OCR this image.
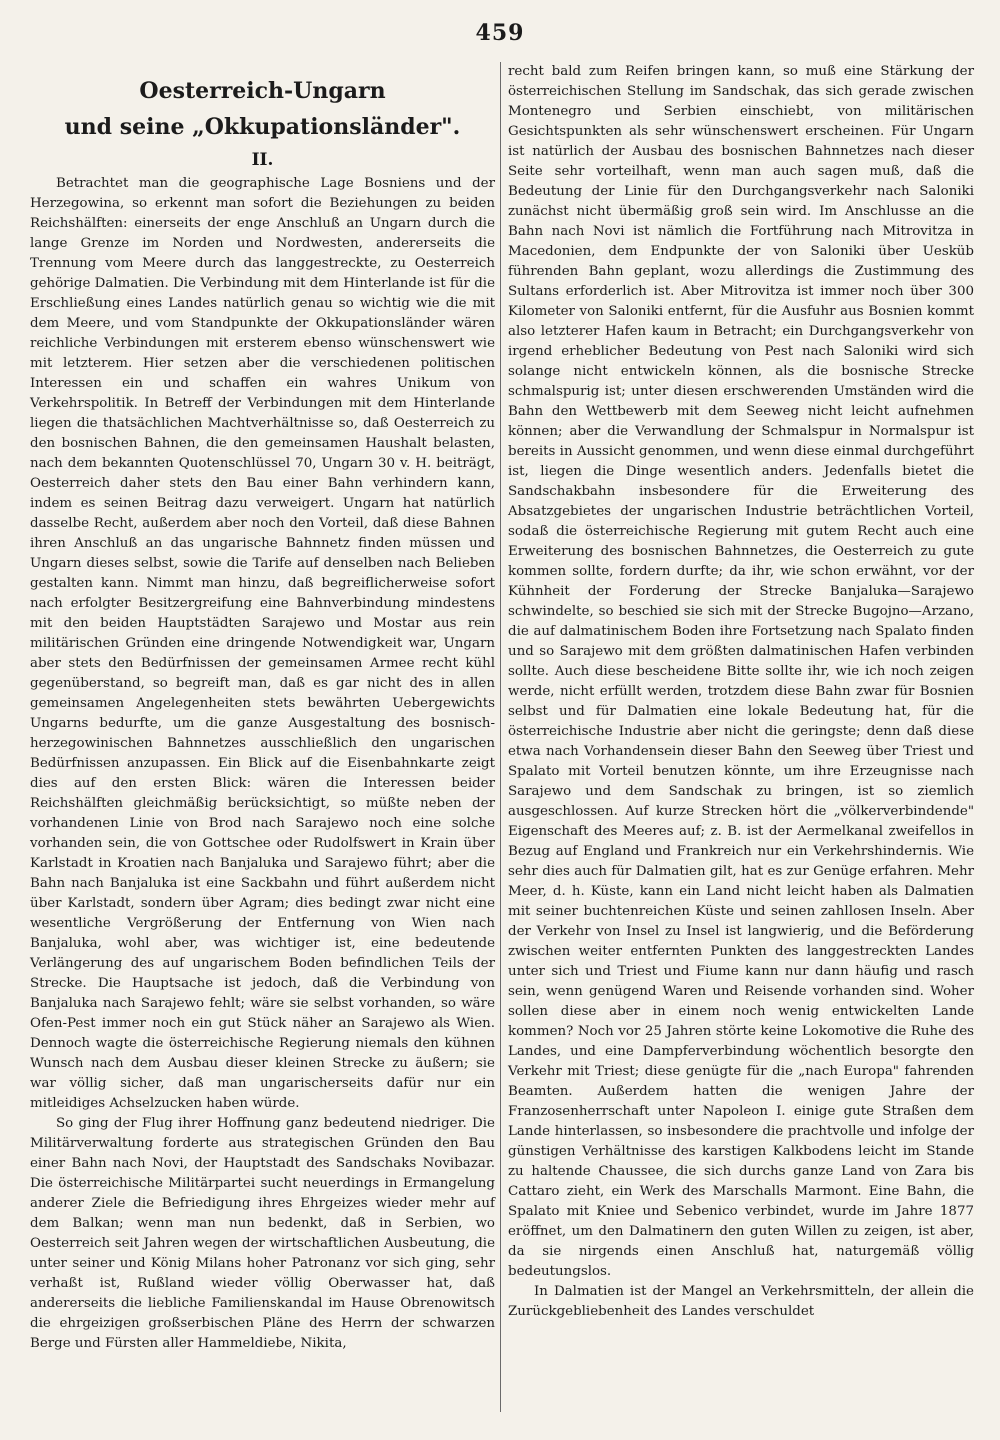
459
Oesterreich-Ungarn
und seine „Okkupationsländer".
II.

Betrachtet man die geographische Lage Bosniens und der Herzegowina, so erkennt man sofort die Beziehungen zu beiden Reichshälften: einerseits der enge Anschluß an Ungarn durch die lange Grenze im Norden und Nordwesten, andererseits die Trennung vom Meere durch das langgestreckte, zu Oesterreich gehörige Dalmatien. Die Verbindung mit dem Hinterlande ist für die Erschließung eines Landes natürlich genau so wichtig wie die mit dem Meere, und vom Standpunkte der Okkupationsländer wären reichliche Verbindungen mit ersterem ebenso wünschenswert wie mit letzterem. Hier setzen aber die verschiedenen politischen Interessen ein und schaffen ein wahres Unikum von Verkehrspolitik. In Betreff der Verbindungen mit dem Hinterlande liegen die thatsächlichen Machtverhältnisse so, daß Oesterreich zu den bosnischen Bahnen, die den gemeinsamen Haushalt belasten, nach dem bekannten Quotenschlüssel 70, Ungarn 30 v. H. beiträgt, Oesterreich daher stets den Bau einer Bahn verhindern kann, indem es seinen Beitrag dazu verweigert. Ungarn hat natürlich dasselbe Recht, außerdem aber noch den Vorteil, daß diese Bahnen ihren Anschluß an das ungarische Bahnnetz finden müssen und Ungarn dieses selbst, sowie die Tarife auf denselben nach Belieben gestalten kann. Nimmt man hinzu, daß begreiflicherweise sofort nach erfolgter Besitzergreifung eine Bahnverbindung mindestens mit den beiden Hauptstädten Sarajewo und Mostar aus rein militärischen Gründen eine dringende Notwendigkeit war, Ungarn aber stets den Bedürfnissen der gemeinsamen Armee recht kühl gegenüberstand, so begreift man, daß es gar nicht des in allen gemeinsamen Angelegenheiten stets bewährten Uebergewichts Ungarns bedurfte, um die ganze Ausgestaltung des bosnisch-herzegowinischen Bahnnetzes ausschließlich den ungarischen Bedürfnissen anzupassen. Ein Blick auf die Eisenbahnkarte zeigt dies auf den ersten Blick: wären die Interessen beider Reichshälften gleichmäßig berücksichtigt, so müßte neben der vorhandenen Linie von Brod nach Sarajewo noch eine solche vorhanden sein, die von Gottschee oder Rudolfswert in Krain über Karlstadt in Kroatien nach Banjaluka und Sarajewo führt; aber die Bahn nach Banjaluka ist eine Sackbahn und führt außerdem nicht über Karlstadt, sondern über Agram; dies bedingt zwar nicht eine wesentliche Vergrößerung der Entfernung von Wien nach Banjaluka, wohl aber, was wichtiger ist, eine bedeutende Verlängerung des auf ungarischem Boden befindlichen Teils der Strecke. Die Hauptsache ist jedoch, daß die Verbindung von Banjaluka nach Sarajewo fehlt; wäre sie selbst vorhanden, so wäre Ofen-Pest immer noch ein gut Stück näher an Sarajewo als Wien. Dennoch wagte die österreichische Regierung niemals den kühnen Wunsch nach dem Ausbau dieser kleinen Strecke zu äußern; sie war völlig sicher, daß man ungarischerseits dafür nur ein mitleidiges Achselzucken haben würde.

So ging der Flug ihrer Hoffnung ganz bedeutend niedriger. Die Militärverwaltung forderte aus strategischen Gründen den Bau einer Bahn nach Novi, der Hauptstadt des Sandschaks Novibazar. Die österreichische Militärpartei sucht neuerdings in Ermangelung anderer Ziele die Befriedigung ihres Ehrgeizes wieder mehr auf dem Balkan; wenn man nun bedenkt, daß in Serbien, wo Oesterreich seit Jahren wegen der wirtschaftlichen Ausbeutung, die unter seiner und König Milans hoher Patronanz vor sich ging, sehr verhaßt ist, Rußland wieder völlig Oberwasser hat, daß andererseits die liebliche Familienskandal im Hause Obrenowitsch die ehrgeizigen großserbischen Pläne des Herrn der schwarzen Berge und Fürsten aller Hammeldiebe, Nikita,

recht bald zum Reifen bringen kann, so muß eine Stärkung der österreichischen Stellung im Sandschak, das sich gerade zwischen Montenegro und Serbien einschiebt, von militärischen Gesichtspunkten als sehr wünschenswert erscheinen. Für Ungarn ist natürlich der Ausbau des bosnischen Bahnnetzes nach dieser Seite sehr vorteilhaft, wenn man auch sagen muß, daß die Bedeutung der Linie für den Durchgangsverkehr nach Saloniki zunächst nicht übermäßig groß sein wird. Im Anschlusse an die Bahn nach Novi ist nämlich die Fortführung nach Mitrovitza in Macedonien, dem Endpunkte der von Saloniki über Uesküb führenden Bahn geplant, wozu allerdings die Zustimmung des Sultans erforderlich ist. Aber Mitrovitza ist immer noch über 300 Kilometer von Saloniki entfernt, für die Ausfuhr aus Bosnien kommt also letzterer Hafen kaum in Betracht; ein Durchgangsverkehr von irgend erheblicher Bedeutung von Pest nach Saloniki wird sich solange nicht entwickeln können, als die bosnische Strecke schmalspurig ist; unter diesen erschwerenden Umständen wird die Bahn den Wettbewerb mit dem Seeweg nicht leicht aufnehmen können; aber die Verwandlung der Schmalspur in Normalspur ist bereits in Aussicht genommen, und wenn diese einmal durchgeführt ist, liegen die Dinge wesentlich anders. Jedenfalls bietet die Sandschakbahn insbesondere für die Erweiterung des Absatzgebietes der ungarischen Industrie beträchtlichen Vorteil, sodaß die österreichische Regierung mit gutem Recht auch eine Erweiterung des bosnischen Bahnnetzes, die Oesterreich zu gute kommen sollte, fordern durfte; da ihr, wie schon erwähnt, vor der Kühnheit der Forderung der Strecke Banjaluka—Sarajewo schwindelte, so beschied sie sich mit der Strecke Bugojno—Arzano, die auf dalmatinischem Boden ihre Fortsetzung nach Spalato finden und so Sarajewo mit dem größten dalmatinischen Hafen verbinden sollte. Auch diese bescheidene Bitte sollte ihr, wie ich noch zeigen werde, nicht erfüllt werden, trotzdem diese Bahn zwar für Bosnien selbst und für Dalmatien eine lokale Bedeutung hat, für die österreichische Industrie aber nicht die geringste; denn daß diese etwa nach Vorhandensein dieser Bahn den Seeweg über Triest und Spalato mit Vorteil benutzen könnte, um ihre Erzeugnisse nach Sarajewo und dem Sandschak zu bringen, ist so ziemlich ausgeschlossen. Auf kurze Strecken hört die „völkerverbindende" Eigenschaft des Meeres auf; z. B. ist der Aermelkanal zweifellos in Bezug auf England und Frankreich nur ein Verkehrshindernis. Wie sehr dies auch für Dalmatien gilt, hat es zur Genüge erfahren. Mehr Meer, d. h. Küste, kann ein Land nicht leicht haben als Dalmatien mit seiner buchtenreichen Küste und seinen zahllosen Inseln. Aber der Verkehr von Insel zu Insel ist langwierig, und die Beförderung zwischen weiter entfernten Punkten des langgestreckten Landes unter sich und Triest und Fiume kann nur dann häufig und rasch sein, wenn genügend Waren und Reisende vorhanden sind. Woher sollen diese aber in einem noch wenig entwickelten Lande kommen? Noch vor 25 Jahren störte keine Lokomotive die Ruhe des Landes, und eine Dampferverbindung wöchentlich besorgte den Verkehr mit Triest; diese genügte für die „nach Europa" fahrenden Beamten. Außerdem hatten die wenigen Jahre der Franzosenherrschaft unter Napoleon I. einige gute Straßen dem Lande hinterlassen, so insbesondere die prachtvolle und infolge der günstigen Verhältnisse des karstigen Kalkbodens leicht im Stande zu haltende Chaussee, die sich durchs ganze Land von Zara bis Cattaro zieht, ein Werk des Marschalls Marmont. Eine Bahn, die Spalato mit Kniee und Sebenico verbindet, wurde im Jahre 1877 eröffnet, um den Dalmatinern den guten Willen zu zeigen, ist aber, da sie nirgends einen Anschluß hat, naturgemäß völlig bedeutungslos.

In Dalmatien ist der Mangel an Verkehrsmitteln, der allein die Zurückgebliebenheit des Landes verschuldet
